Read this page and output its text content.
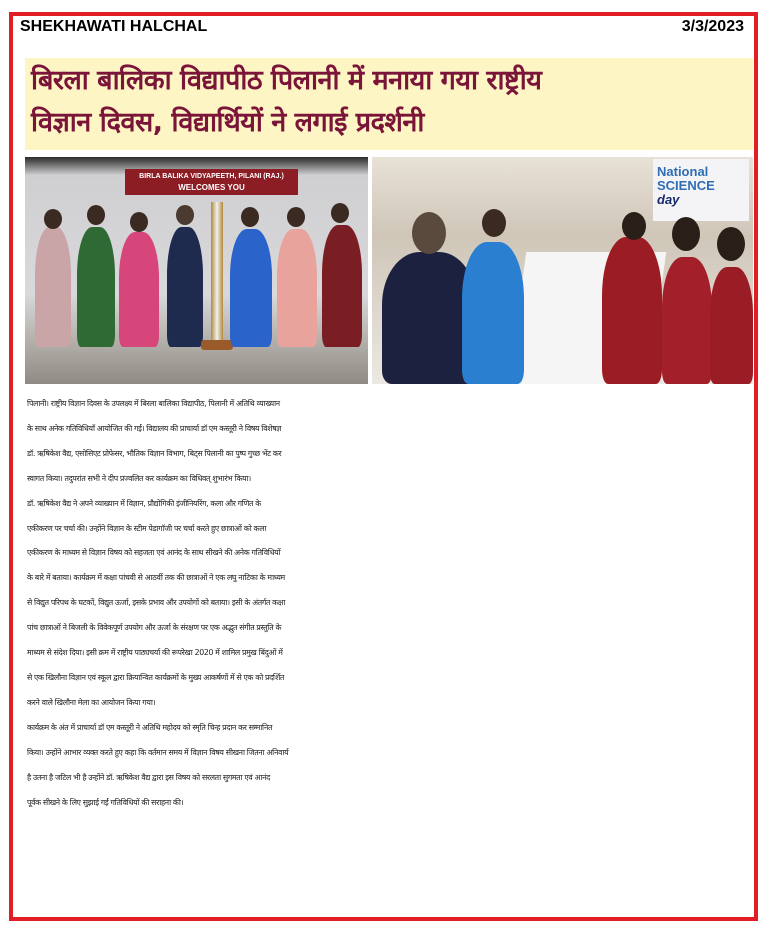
SHEKHAWATI HALCHAL	3/3/2023
बिरला बालिका विद्यापीठ पिलानी में मनाया गया राष्ट्रीय
विज्ञान दिवस, विद्यार्थियों ने लगाई प्रदर्शनी
BIRLA BALIKA VIDYAPEETH, PILANI (RAJ.)
WELCOMES YOU
National SCIENCE
day
पिलानी। राष्ट्रीय विज्ञान दिवस के उपलक्ष्य में बिरला बालिका विद्यापीठ, पिलानी में अतिथि व्याख्यान
के साथ अनेक गतिविधियाँ आयोजित की गईं। विद्यालय की प्राचार्या डॉ एम कस्तूरी ने विषय विशेषज्ञ
डॉ. ऋषिकेश वैद्य, एसोसिएट प्रोफेसर, भौतिक विज्ञान विभाग, बिट्स पिलानी का पुष्प गुच्छ भेंट कर
स्वागत किया। तदुपरांत सभी ने दीप प्रज्वलित कर कार्यक्रम का विधिवत् शुभारंभ किया।
डॉ. ऋषिकेश वैद्य ने अपने व्याख्यान में विज्ञान, प्रौद्योगिकी इंजीनियरिंग, कला और गणित के
एकीकरण पर चर्चा की। उन्होंने विज्ञान के स्टीम पेडागॉजी पर चर्चा करते हुए छात्राओं को कला
एकीकरण के माध्यम से विज्ञान विषय को सहजता एवं आनंद के साथ सीखने की अनेक गतिविधियों
के बारे में बताया। कार्यक्रम में कक्षा पांचवी से आठवीं तक की छात्राओं ने एक लघु नाटिका के माध्यम
से विद्युत परिपथ के घटकों, विद्युत ऊर्जा, इसके प्रभाव और उपयोगों को बताया। इसी के अंतर्गत कक्षा
पांच छात्राओं ने बिजली के विवेकपूर्ण उपयोग और ऊर्जा के संरक्षण पर एक अद्भुत संगीत प्रस्तुति के
माध्यम से संदेश दिया। इसी क्रम में राष्ट्रीय पाठ्यचर्या की रूपरेखा 2020 में शामिल प्रमुख बिंदुओं में
से एक खिलौना विज्ञान एवं स्कूल द्वारा क्रियान्वित कार्यक्रमों के मुख्य आकर्षणों में से एक को प्रदर्शित
करने वाले खिलौना मेला का आयोजन किया गया।
कार्यक्रम के अंत में प्राचार्या डॉ एम कस्तूरी ने अतिथि महोदय को स्मृति चिन्ह प्रदान कर सम्मानित
किया। उन्होंने आभार व्यक्त करते हुए कहा कि वर्तमान समय में विज्ञान विषय सीखना जितना अनिवार्य
है उतना है जटिल भी है उन्होंने डॉ. ऋषिकेश वैद्य द्वारा इस विषय को सरलता सुगमता एवं आनंद
पूर्वक सीखने के लिए सुझाई गईं गतिविधियों की सराहना की।
